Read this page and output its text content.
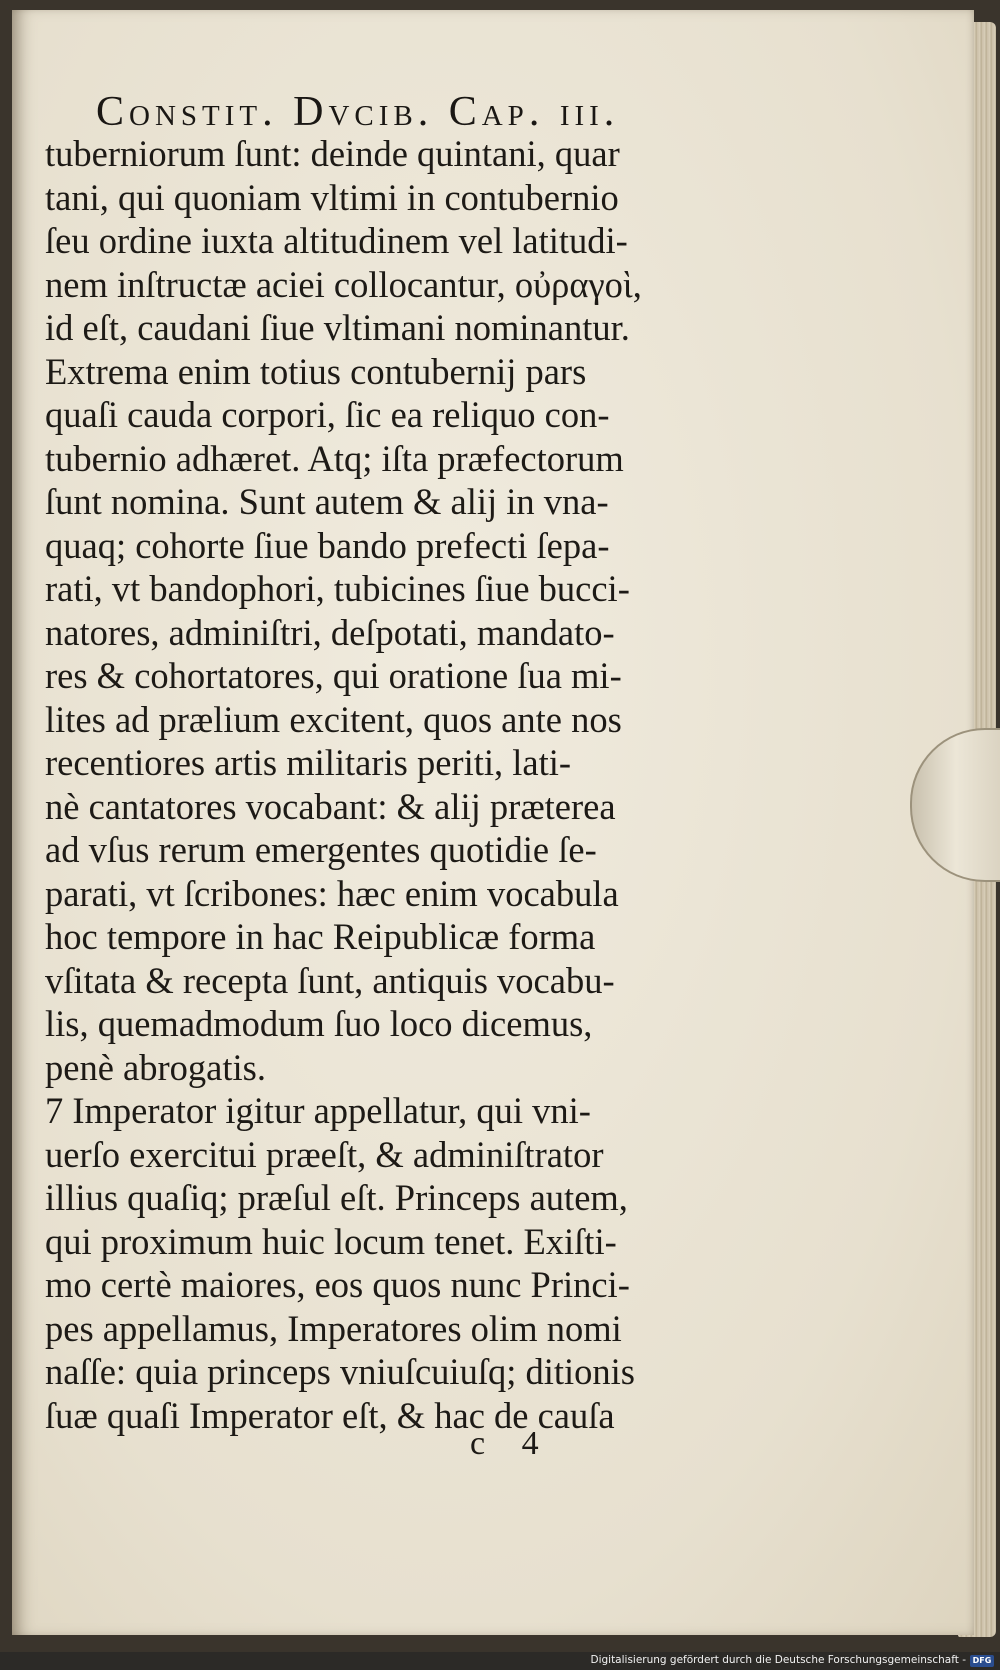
Constit. Dvcib. Cap. iii.
tuberniorum ſunt: deinde quintani, quar
tani, qui quoniam vltimi in contubernio
ſeu ordine iuxta altitudinem vel latitudi-
nem inſtructæ aciei collocantur, οὐραγοὶ,
id eſt, caudani ſiue vltimani nominantur.
Extrema enim totius contubernij pars
quaſi cauda corpori, ſic ea reliquo con-
tubernio adhæret. Atq; iſta præfectorum
ſunt nomina. Sunt autem & alij in vna-
quaq; cohorte ſiue bando prefecti ſepa-
rati, vt bandophori, tubicines ſiue bucci-
natores, adminiſtri, deſpotati, mandato-
res & cohortatores, qui oratione ſua mi-
lites ad prælium excitent, quos ante nos
recentiores artis militaris periti, lati-
nè cantatores vocabant: & alij præterea
ad vſus rerum emergentes quotidie ſe-
parati, vt ſcribones: hæc enim vocabula
hoc tempore in hac Reipublicæ forma
vſitata & recepta ſunt, antiquis vocabu-
lis, quemadmodum ſuo loco dicemus,
penè abrogatis.
7 Imperator igitur appellatur, qui vni-
uerſo exercitui præeſt, & adminiſtrator
illius quaſiq; præſul eſt. Princeps autem,
qui proximum huic locum tenet. Exiſti-
mo certè maiores, eos quos nunc Princi-
pes appellamus, Imperatores olim nomi
naſſe: quia princeps vniuſcuiuſq; ditionis
ſuæ quaſi Imperator eſt, & hac de cauſa
c 4
Digitalisierung gefördert durch die Deutsche Forschungsgemeinschaft - DFG
